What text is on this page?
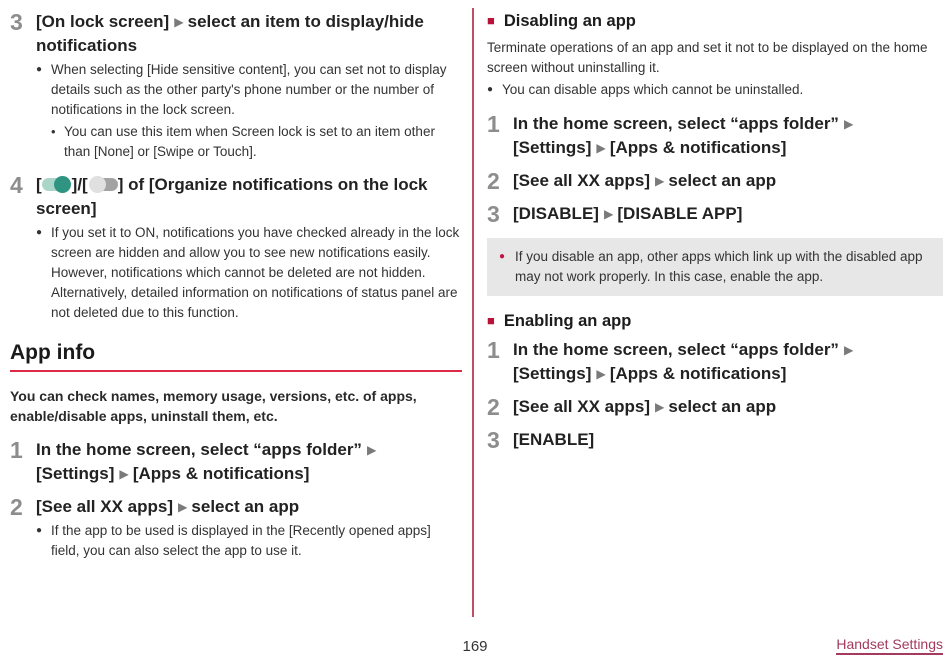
3 [On lock screen] ▶ select an item to display/hide notifications
● When selecting [Hide sensitive content], you can set not to display details such as the other party's phone number or the number of notifications in the lock screen.
• You can use this item when Screen lock is set to an item other than [None] or [Swipe or Touch].
4 [ ]/[ ] of [Organize notifications on the lock screen]
● If you set it to ON, notifications you have checked already in the lock screen are hidden and allow you to see new notifications easily. However, notifications which cannot be deleted are not hidden. Alternatively, detailed information on notifications of status panel are not deleted due to this function.
App info

You can check names, memory usage, versions, etc. of apps, enable/disable apps, uninstall them, etc.

1 In the home screen, select “apps folder” ▶
[Settings] ▶ [Apps & notifications]
2 [See all XX apps] ▶ select an app
● If the app to be used is displayed in the [Recently opened apps] field, you can also select the app to use it.
■ Disabling an app

Terminate operations of an app and set it not to be displayed on the home screen without uninstalling it.

● You can disable apps which cannot be uninstalled.
1 In the home screen, select “apps folder” ▶
[Settings] ▶ [Apps & notifications]
2 [See all XX apps] ▶ select an app
3 [DISABLE] ▶ [DISABLE APP]
● If you disable an app, other apps which link up with the disabled app may not work properly. In this case, enable the app.
■ Enabling an app
1 In the home screen, select “apps folder” ▶
[Settings] ▶ [Apps & notifications]
2 [See all XX apps] ▶ select an app
3 [ENABLE]
169	Handset Settings
